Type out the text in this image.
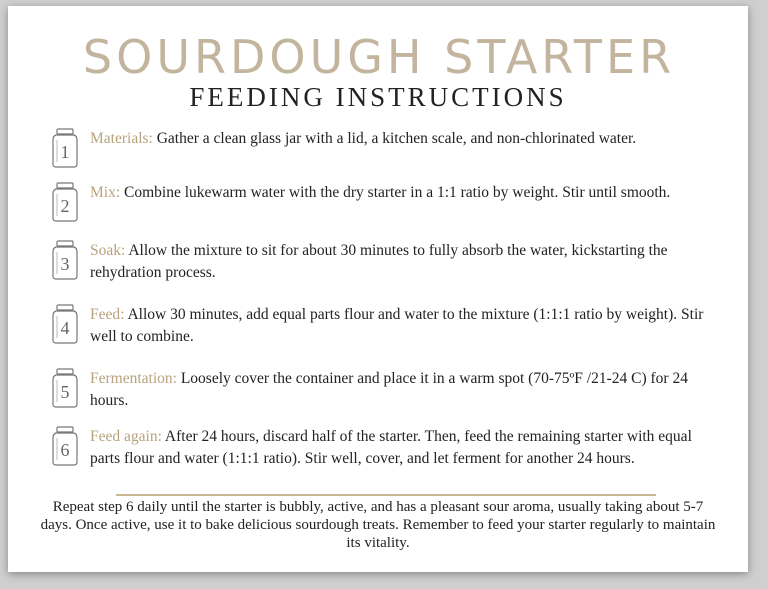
SOURDOUGH STARTER
FEEDING INSTRUCTIONS
1
Materials: Gather a clean glass jar with a lid, a kitchen scale, and non-chlorinated water.
2
Mix: Combine lukewarm water with the dry starter in a 1:1 ratio by weight. Stir until smooth.
3
Soak: Allow the mixture to sit for about 30 minutes to fully absorb the water, kickstarting the rehydration process.
4
Feed: Allow 30 minutes, add equal parts flour and water to the mixture (1:1:1 ratio by weight). Stir well to combine.
5
Fermentation: Loosely cover the container and place it in a warm spot (70-75ºF /21-24 C) for 24 hours.
6
Feed again: After 24 hours, discard half of the starter. Then, feed the remaining starter with equal parts flour and water (1:1:1 ratio). Stir well, cover, and let ferment for another 24 hours.
Repeat step 6 daily until the starter is bubbly, active, and has a pleasant sour aroma, usually taking about 5-7 days. Once active, use it to bake delicious sourdough treats. Remember to feed your starter regularly to maintain its vitality.
